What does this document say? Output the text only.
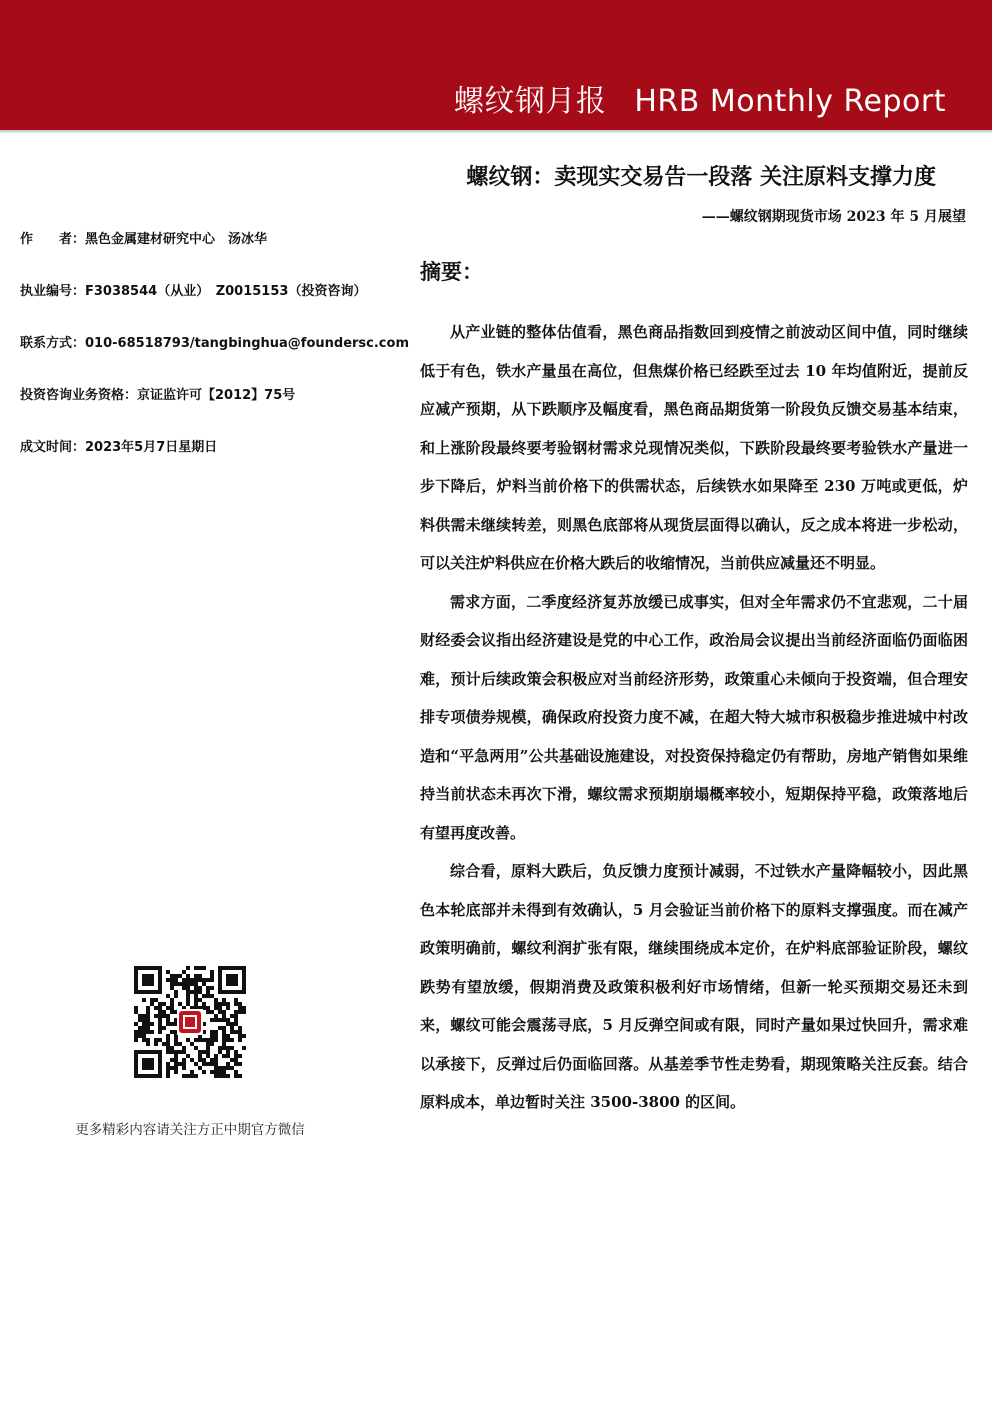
螺纹钢月报 HRB Monthly Report
螺纹钢：卖现实交易告一段落 关注原料支撑力度
——螺纹钢期现货市场 2023 年 5 月展望
作　　者：黑色金属建材研究中心　汤冰华
执业编号：F3038544（从业）　Z0015153（投资咨询）
联系方式：010-68518793/tangbinghua@foundersc.com
投资咨询业务资格：京证监许可【2012】75号
成文时间：2023年5月7日星期日
更多精彩内容请关注方正中期官方微信
摘要：

从产业链的整体估值看，黑色商品指数回到疫情之前波动区间中值，同时继续低于有色，铁水产量虽在高位，但焦煤价格已经跌至过去 10 年均值附近，提前反应减产预期，从下跌顺序及幅度看，黑色商品期货第一阶段负反馈交易基本结束，和上涨阶段最终要考验钢材需求兑现情况类似，下跌阶段最终要考验铁水产量进一步下降后，炉料当前价格下的供需状态，后续铁水如果降至 230 万吨或更低，炉料供需未继续转差，则黑色底部将从现货层面得以确认，反之成本将进一步松动，可以关注炉料供应在价格大跌后的收缩情况，当前供应减量还不明显。

需求方面，二季度经济复苏放缓已成事实，但对全年需求仍不宜悲观，二十届财经委会议指出经济建设是党的中心工作，政治局会议提出当前经济面临仍面临困难，预计后续政策会积极应对当前经济形势，政策重心未倾向于投资端，但合理安排专项债券规模，确保政府投资力度不减，在超大特大城市积极稳步推进城中村改造和“平急两用”公共基础设施建设，对投资保持稳定仍有帮助，房地产销售如果维持当前状态未再次下滑，螺纹需求预期崩塌概率较小，短期保持平稳，政策落地后有望再度改善。

综合看，原料大跌后，负反馈力度预计减弱，不过铁水产量降幅较小，因此黑色本轮底部并未得到有效确认，5 月会验证当前价格下的原料支撑强度。而在减产政策明确前，螺纹利润扩张有限，继续围绕成本定价，在炉料底部验证阶段，螺纹跌势有望放缓，假期消费及政策积极利好市场情绪，但新一轮买预期交易还未到来，螺纹可能会震荡寻底，5 月反弹空间或有限，同时产量如果过快回升，需求难以承接下，反弹过后仍面临回落。从基差季节性走势看，期现策略关注反套。结合原料成本，单边暂时关注 3500-3800 的区间。
